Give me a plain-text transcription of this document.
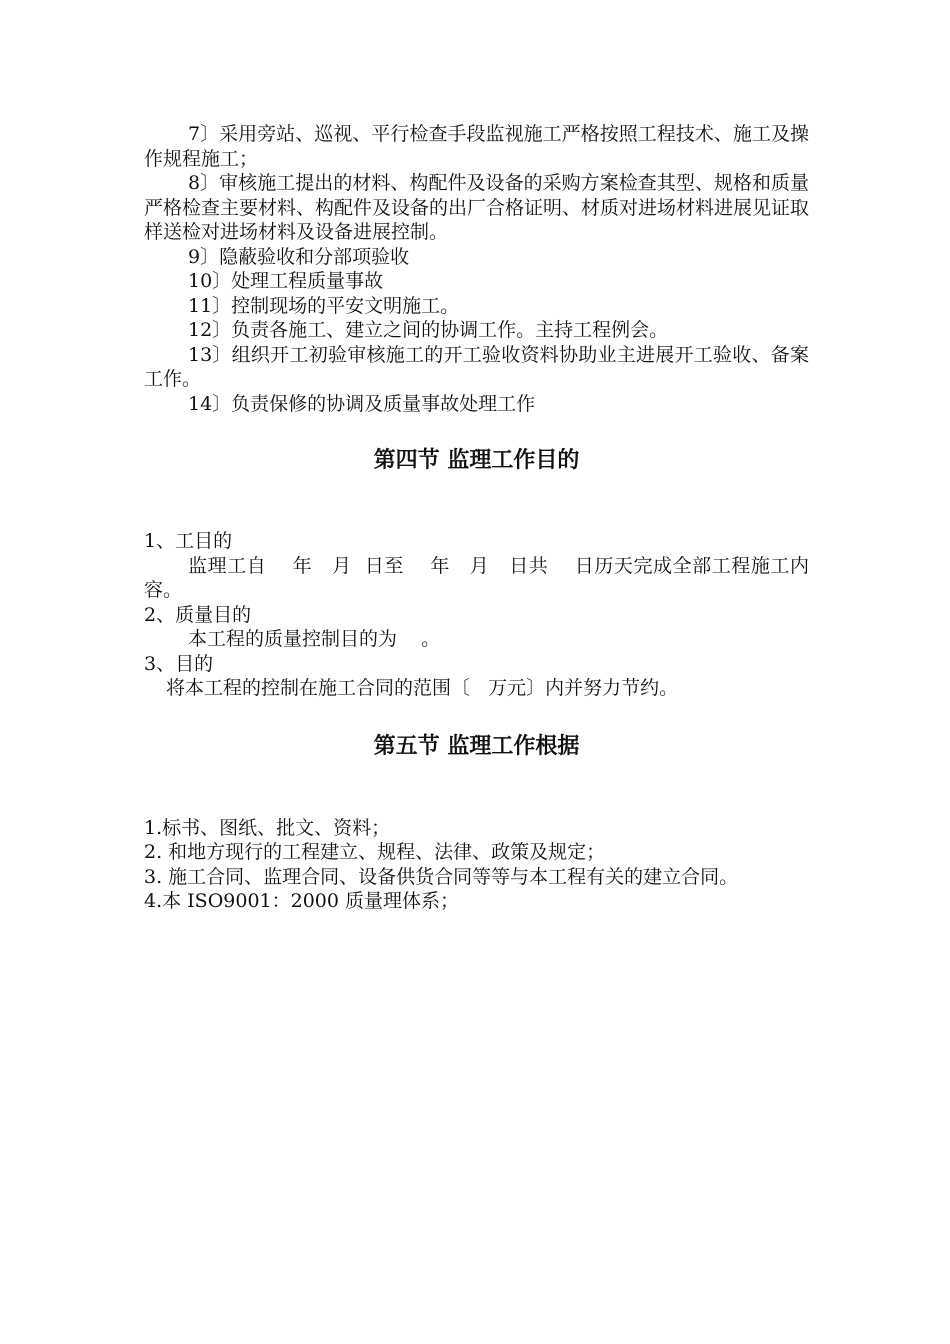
7〕采用旁站、巡视、平行检查手段监视施工严格按照工程技术、施工及操作规程施工；

8〕审核施工提出的材料、构配件及设备的采购方案检查其型、规格和质量严格检查主要材料、构配件及设备的出厂合格证明、材质对进场材料进展见证取样送检对进场材料及设备进展控制。

9〕隐蔽验收和分部项验收

10〕处理工程质量事故

11〕控制现场的平安文明施工。

12〕负责各施工、建立之间的协调工作。主持工程例会。

13〕组织开工初验审核施工的开工验收资料协助业主进展开工验收、备案工作。

14〕负责保修的协调及质量事故处理工作

第四节 监理工作目的

1、工目的

监理工自    年   月  日至    年   月   日共    日历天完成全部工程施工内容。

2、质量目的

本工程的质量控制目的为    。

3、目的

将本工程的控制在施工合同的范围〔   万元〕内并努力节约。

第五节 监理工作根据

1.标书、图纸、批文、资料；

2. 和地方现行的工程建立、规程、法律、政策及规定；

3. 施工合同、监理合同、设备供货合同等等与本工程有关的建立合同。

4.本 ISO9001：2000 质量理体系；
